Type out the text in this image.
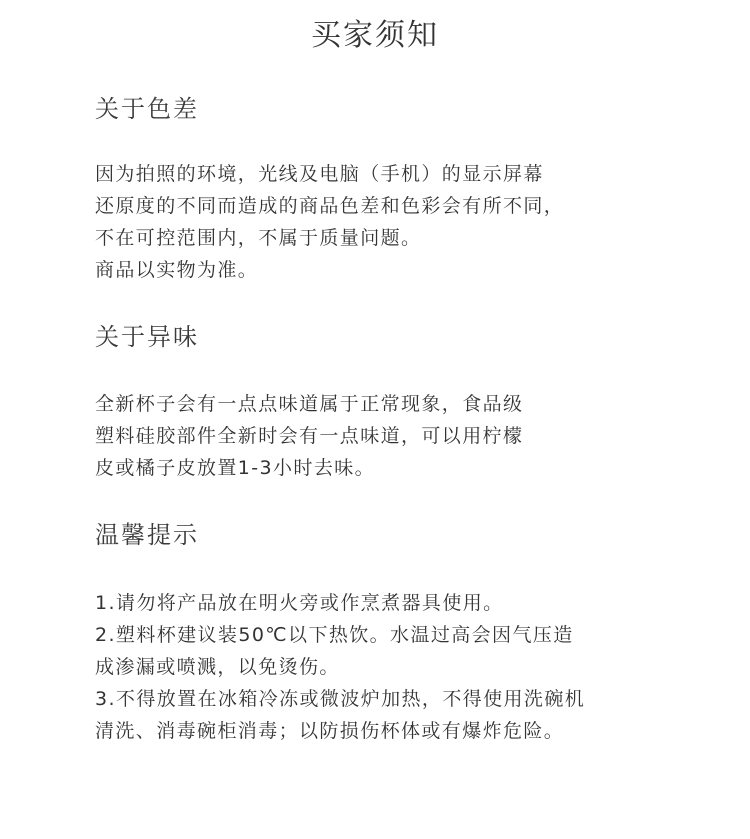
买家须知
关于色差
因为拍照的环境，光线及电脑（手机）的显示屏幕
还原度的不同而造成的商品色差和色彩会有所不同，
不在可控范围内，不属于质量问题。
商品以实物为准。
关于异味
全新杯子会有一点点味道属于正常现象，食品级
塑料硅胶部件全新时会有一点味道，可以用柠檬
皮或橘子皮放置1-3小时去味。
温馨提示
1.请勿将产品放在明火旁或作烹煮器具使用。
2.塑料杯建议装50℃以下热饮。水温过高会因气压造
成渗漏或喷溅，以免烫伤。
3.不得放置在冰箱冷冻或微波炉加热，不得使用洗碗机
清洗、消毒碗柜消毒；以防损伤杯体或有爆炸危险。
